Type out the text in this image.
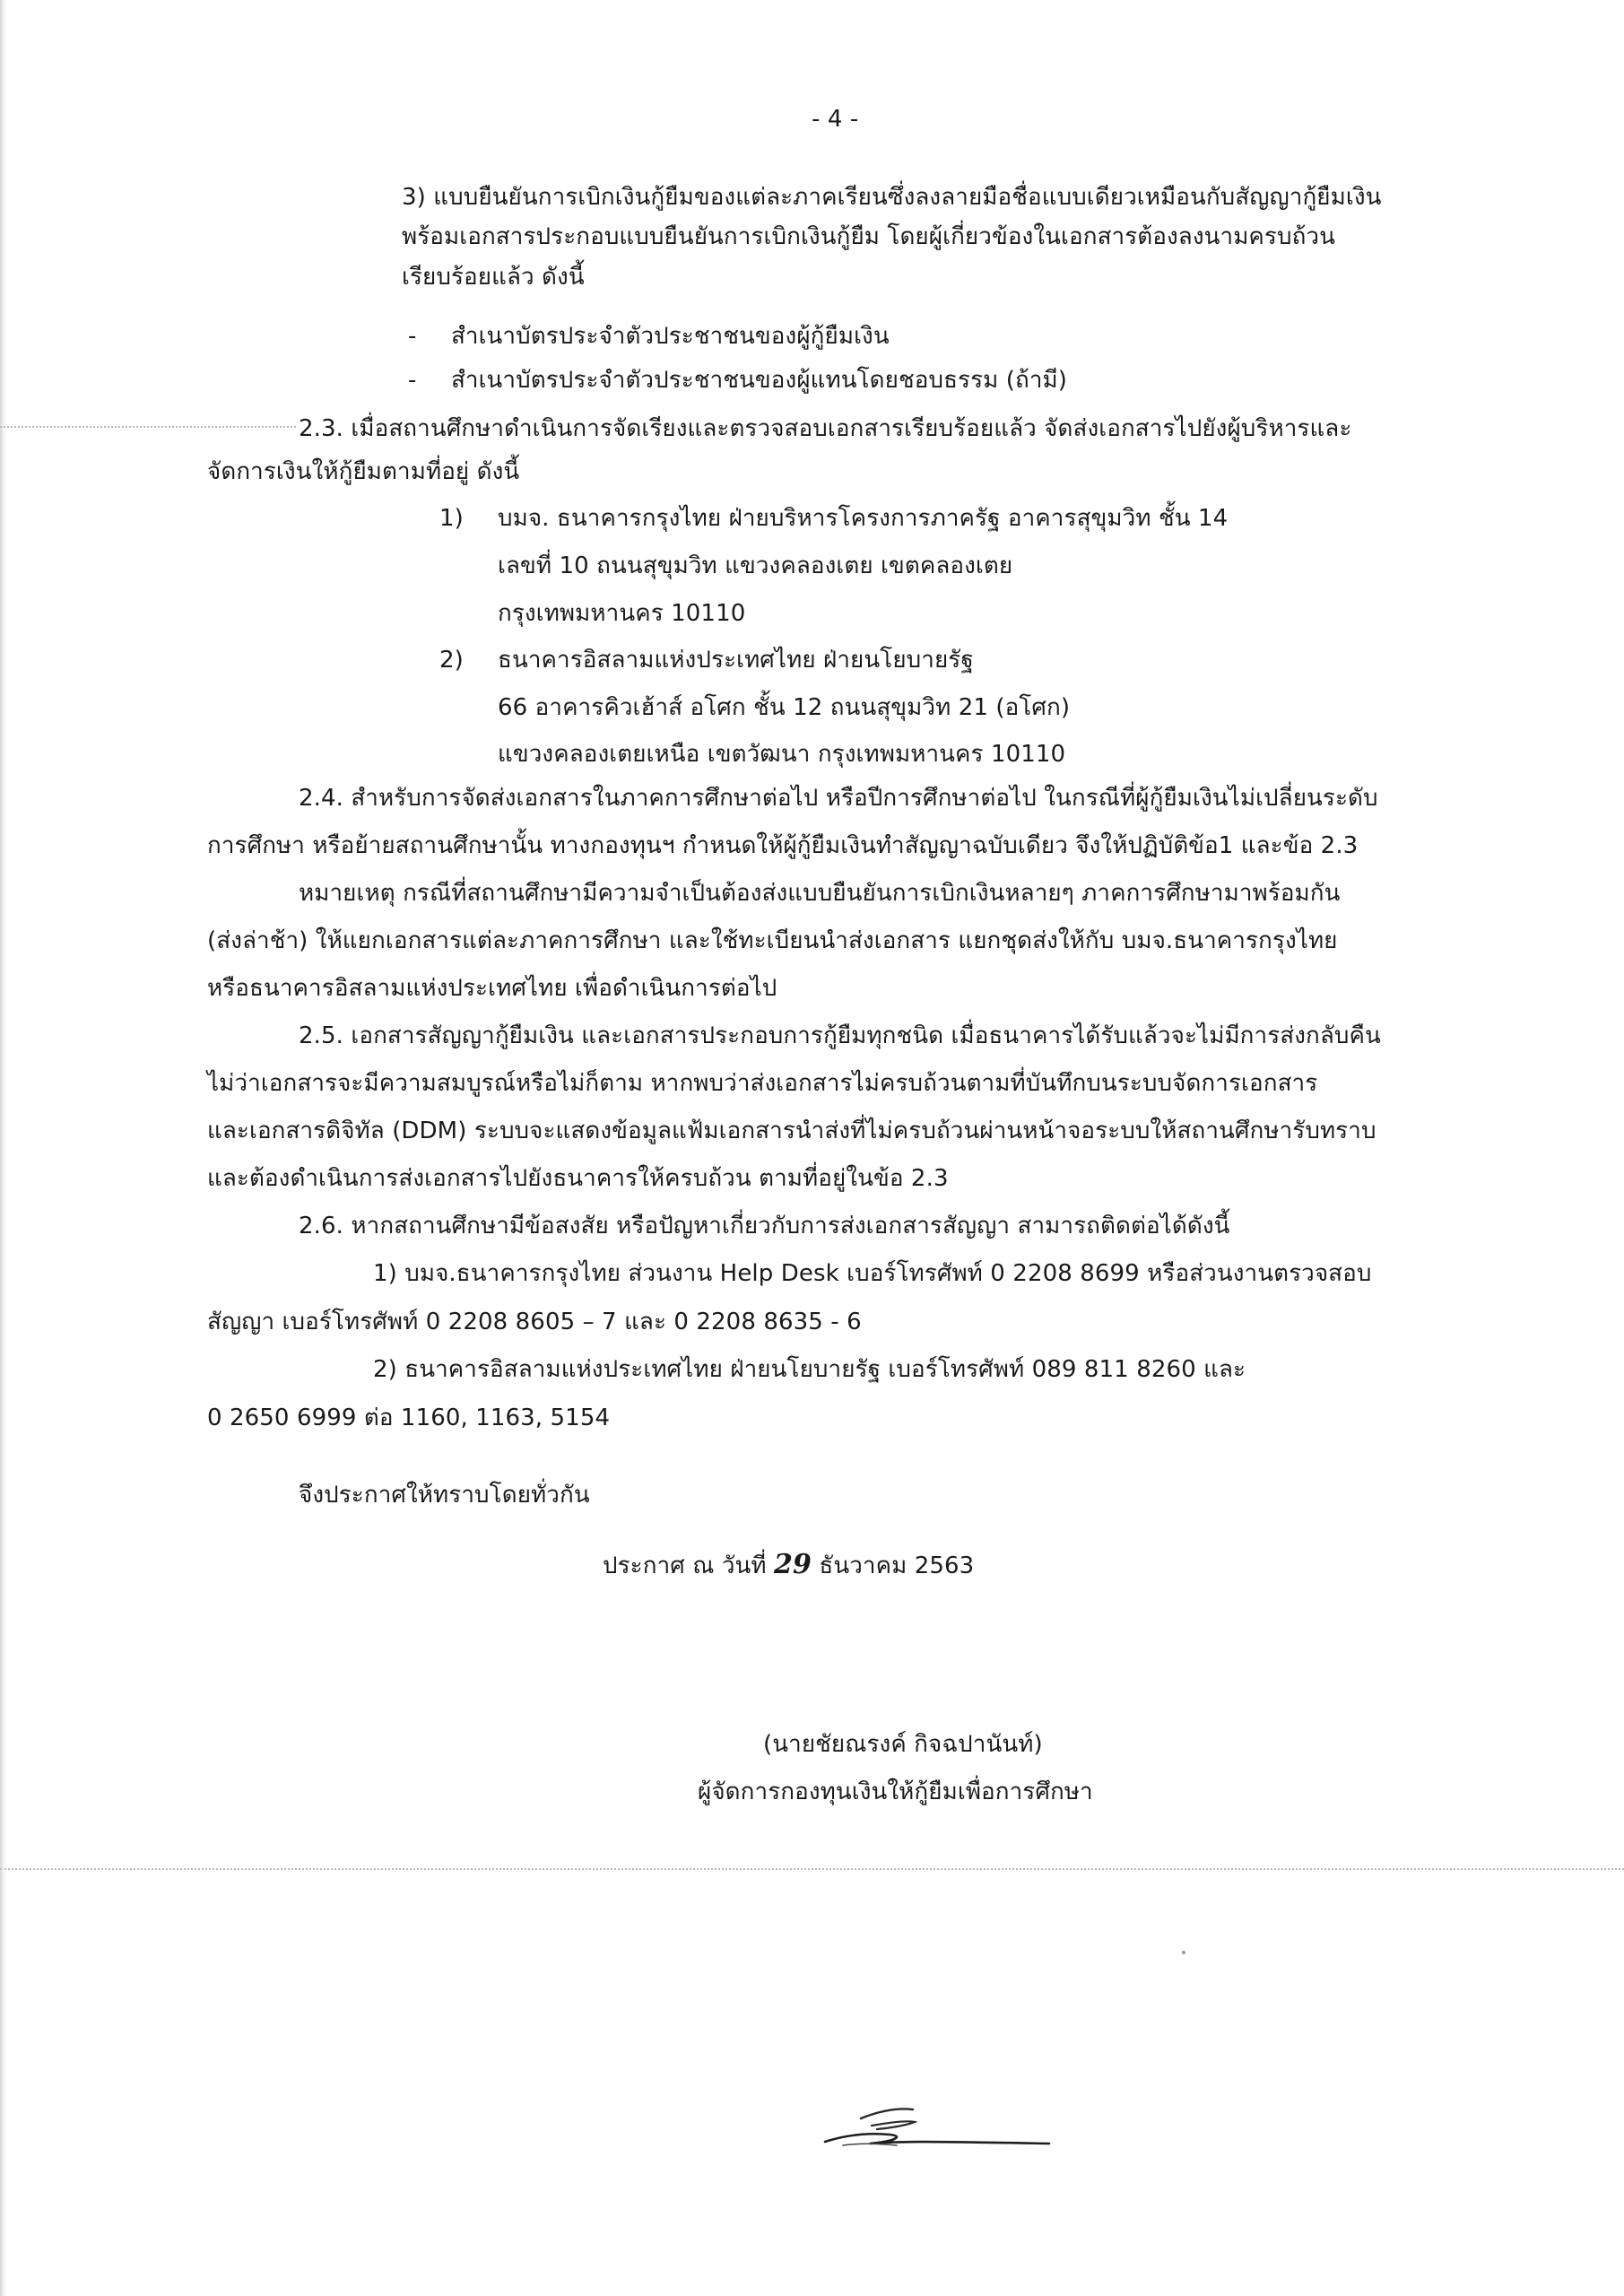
- 4 -
3) แบบยืนยันการเบิกเงินกู้ยืมของแต่ละภาคเรียนซึ่งลงลายมือชื่อแบบเดียวเหมือนกับสัญญากู้ยืมเงิน
พร้อมเอกสารประกอบแบบยืนยันการเบิกเงินกู้ยืม โดยผู้เกี่ยวข้องในเอกสารต้องลงนามครบถ้วน
เรียบร้อยแล้ว ดังนี้
- สำเนาบัตรประจำตัวประชาชนของผู้กู้ยืมเงิน
- สำเนาบัตรประจำตัวประชาชนของผู้แทนโดยชอบธรรม (ถ้ามี)
2.3. เมื่อสถานศึกษาดำเนินการจัดเรียงและตรวจสอบเอกสารเรียบร้อยแล้ว จัดส่งเอกสารไปยังผู้บริหารและ
จัดการเงินให้กู้ยืมตามที่อยู่ ดังนี้
1) บมจ. ธนาคารกรุงไทย ฝ่ายบริหารโครงการภาครัฐ อาคารสุขุมวิท ชั้น 14
เลขที่ 10 ถนนสุขุมวิท แขวงคลองเตย เขตคลองเตย
กรุงเทพมหานคร 10110
2) ธนาคารอิสลามแห่งประเทศไทย ฝ่ายนโยบายรัฐ
66 อาคารคิวเฮ้าส์ อโศก ชั้น 12 ถนนสุขุมวิท 21 (อโศก)
แขวงคลองเตยเหนือ เขตวัฒนา กรุงเทพมหานคร 10110
2.4. สำหรับการจัดส่งเอกสารในภาคการศึกษาต่อไป หรือปีการศึกษาต่อไป ในกรณีที่ผู้กู้ยืมเงินไม่เปลี่ยนระดับ
การศึกษา หรือย้ายสถานศึกษานั้น ทางกองทุนฯ กำหนดให้ผู้กู้ยืมเงินทำสัญญาฉบับเดียว จึงให้ปฏิบัติข้อ1 และข้อ 2.3
หมายเหตุ กรณีที่สถานศึกษามีความจำเป็นต้องส่งแบบยืนยันการเบิกเงินหลายๆ ภาคการศึกษามาพร้อมกัน
(ส่งล่าช้า) ให้แยกเอกสารแต่ละภาคการศึกษา และใช้ทะเบียนนำส่งเอกสาร แยกชุดส่งให้กับ บมจ.ธนาคารกรุงไทย
หรือธนาคารอิสลามแห่งประเทศไทย เพื่อดำเนินการต่อไป
2.5. เอกสารสัญญากู้ยืมเงิน และเอกสารประกอบการกู้ยืมทุกชนิด เมื่อธนาคารได้รับแล้วจะไม่มีการส่งกลับคืน
ไม่ว่าเอกสารจะมีความสมบูรณ์หรือไม่ก็ตาม หากพบว่าส่งเอกสารไม่ครบถ้วนตามที่บันทึกบนระบบจัดการเอกสาร
และเอกสารดิจิทัล (DDM) ระบบจะแสดงข้อมูลแฟ้มเอกสารนำส่งที่ไม่ครบถ้วนผ่านหน้าจอระบบให้สถานศึกษารับทราบ
และต้องดำเนินการส่งเอกสารไปยังธนาคารให้ครบถ้วน ตามที่อยู่ในข้อ 2.3
2.6. หากสถานศึกษามีข้อสงสัย หรือปัญหาเกี่ยวกับการส่งเอกสารสัญญา สามารถติดต่อได้ดังนี้
1) บมจ.ธนาคารกรุงไทย ส่วนงาน Help Desk เบอร์โทรศัพท์ 0 2208 8699 หรือส่วนงานตรวจสอบ
สัญญา เบอร์โทรศัพท์ 0 2208 8605 – 7 และ 0 2208 8635 - 6
2) ธนาคารอิสลามแห่งประเทศไทย ฝ่ายนโยบายรัฐ เบอร์โทรศัพท์ 089 811 8260 และ
0 2650 6999 ต่อ 1160, 1163, 5154
จึงประกาศให้ทราบโดยทั่วกัน
ประกาศ ณ วันที่ 29 ธันวาคม 2563
(นายชัยณรงค์ กิจฉปานันท์)
ผู้จัดการกองทุนเงินให้กู้ยืมเพื่อการศึกษา
